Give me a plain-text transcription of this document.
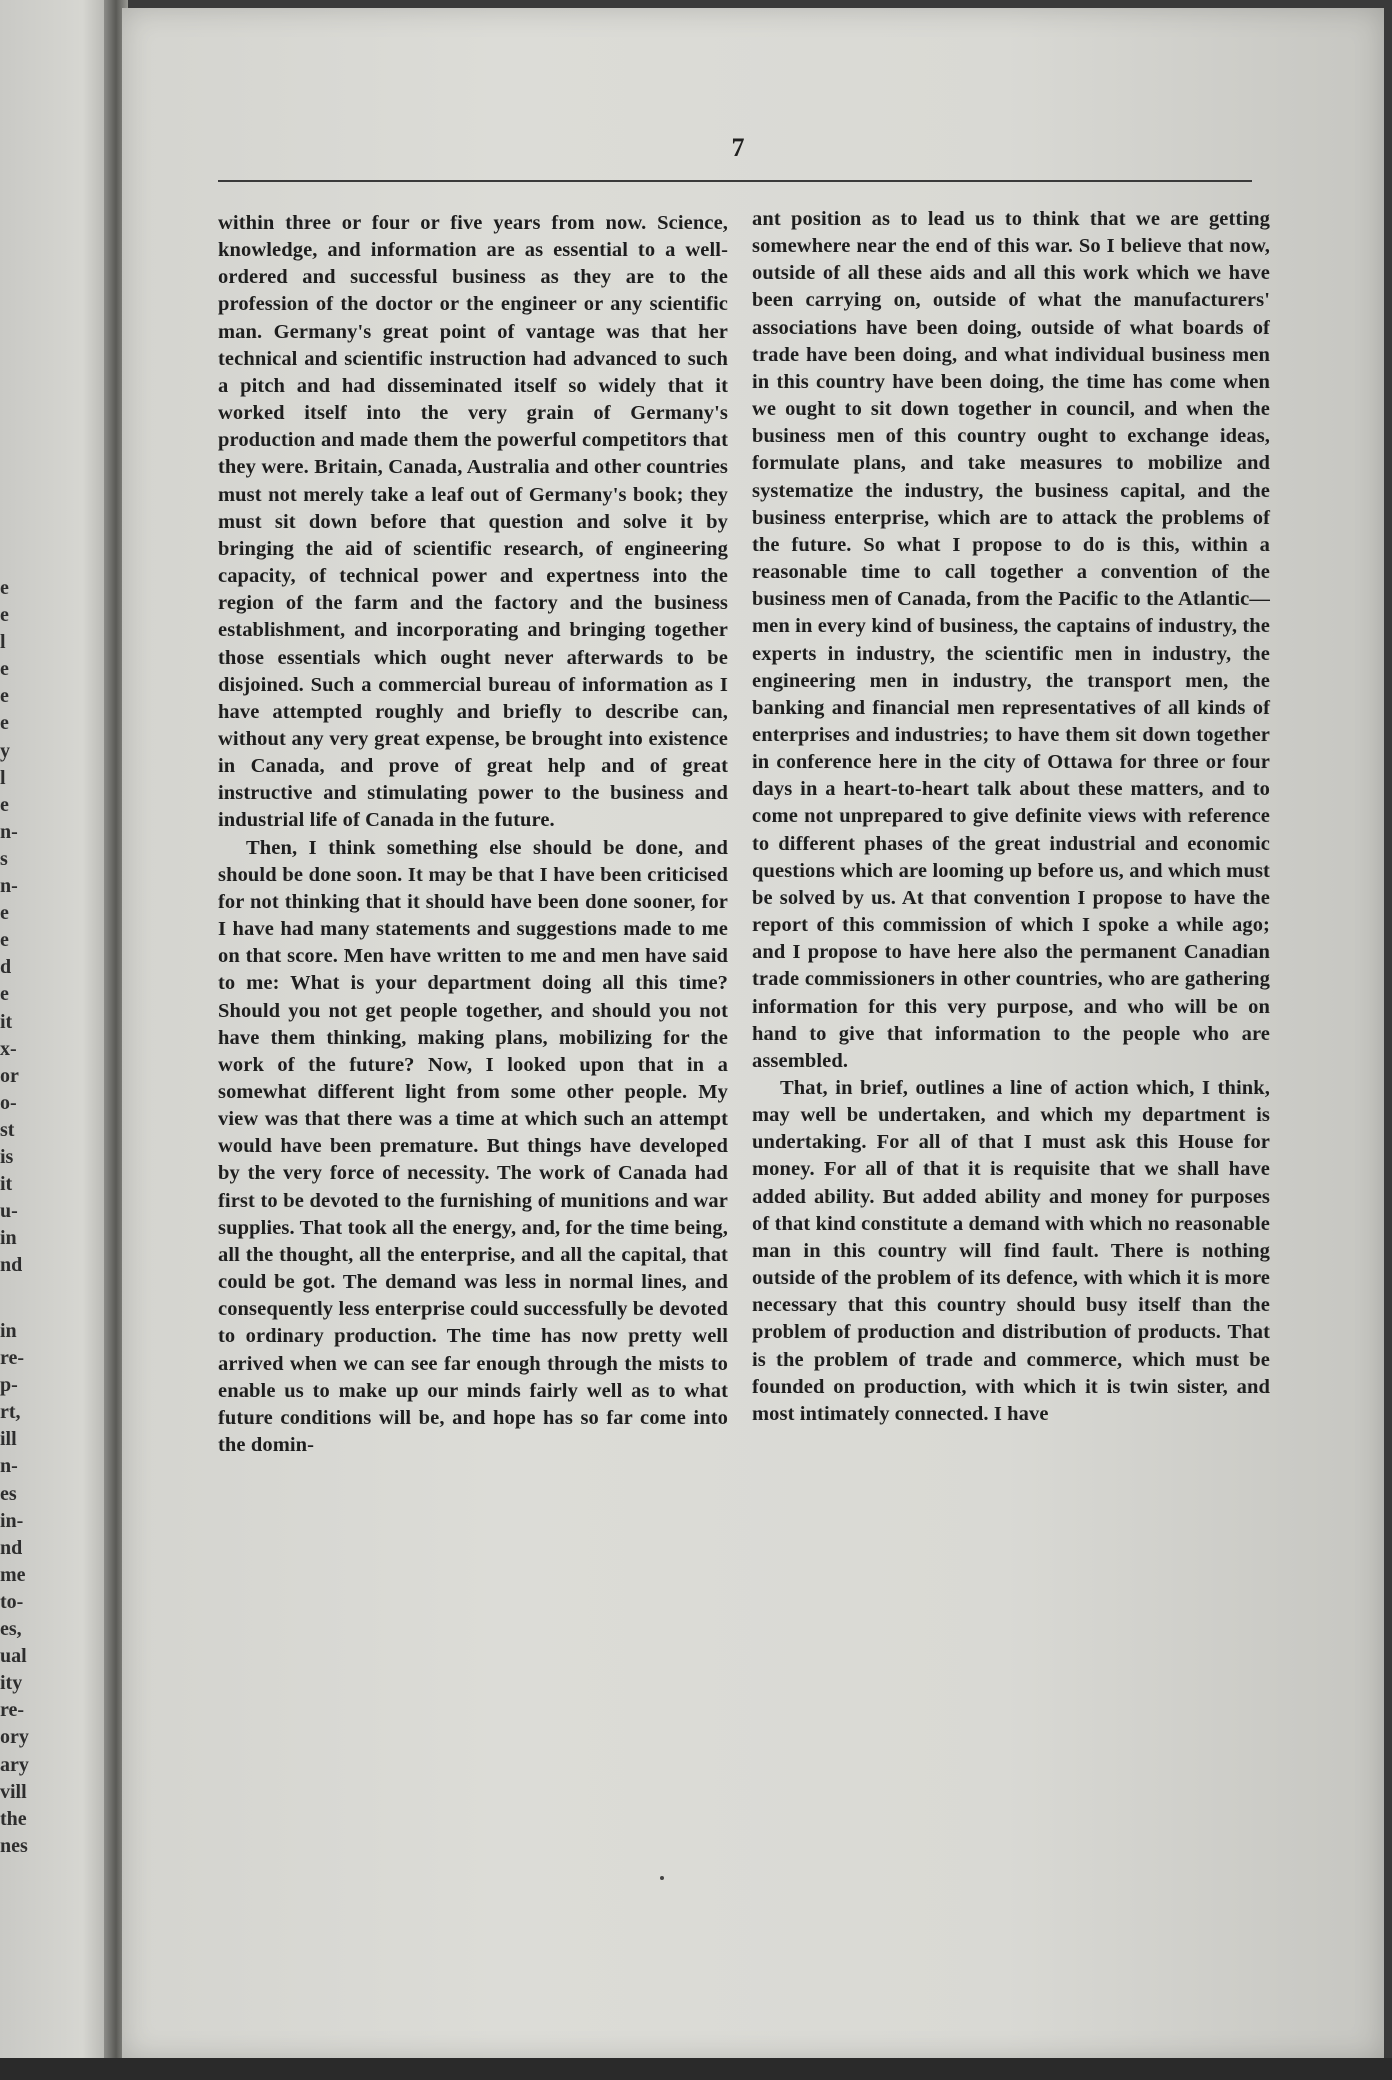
e
e
l
e
e
e
y
l
e
n-
s
n-
e
e
d
e
it
x-
or
o-
st
is
it
u-
in
nd
in
re-
p-
rt,
ill
n-
es
in-
nd
me
to-
es,
ual
ity
re-
ory
ary
vill
the
nes
7

within three or four or five years from now. Science, knowledge, and information are as essential to a well-ordered and successful business as they are to the profession of the doctor or the engineer or any scientific man. Germany's great point of vantage was that her technical and scientific instruction had advanced to such a pitch and had disseminated itself so widely that it worked itself into the very grain of Germany's production and made them the powerful competitors that they were. Britain, Canada, Australia and other countries must not merely take a leaf out of Germany's book; they must sit down before that question and solve it by bringing the aid of scientific research, of engineering capacity, of technical power and expertness into the region of the farm and the factory and the business establishment, and incorporating and bringing together those essentials which ought never afterwards to be disjoined. Such a commercial bureau of information as I have attempted roughly and briefly to describe can, without any very great expense, be brought into existence in Canada, and prove of great help and of great instructive and stimulating power to the business and industrial life of Canada in the future.

Then, I think something else should be done, and should be done soon. It may be that I have been criticised for not thinking that it should have been done sooner, for I have had many statements and suggestions made to me on that score. Men have written to me and men have said to me: What is your department doing all this time? Should you not get people together, and should you not have them thinking, making plans, mobilizing for the work of the future? Now, I looked upon that in a somewhat different light from some other people. My view was that there was a time at which such an attempt would have been premature. But things have developed by the very force of necessity. The work of Canada had first to be devoted to the furnishing of munitions and war supplies. That took all the energy, and, for the time being, all the thought, all the enterprise, and all the capital, that could be got. The demand was less in normal lines, and consequently less enterprise could successfully be devoted to ordinary production. The time has now pretty well arrived when we can see far enough through the mists to enable us to make up our minds fairly well as to what future conditions will be, and hope has so far come into the domin-

ant position as to lead us to think that we are getting somewhere near the end of this war. So I believe that now, outside of all these aids and all this work which we have been carrying on, outside of what the manufacturers' associations have been doing, outside of what boards of trade have been doing, and what individual business men in this country have been doing, the time has come when we ought to sit down together in council, and when the business men of this country ought to exchange ideas, formulate plans, and take measures to mobilize and systematize the industry, the business capital, and the business enterprise, which are to attack the problems of the future. So what I propose to do is this, within a reasonable time to call together a convention of the business men of Canada, from the Pacific to the Atlantic—men in every kind of business, the captains of industry, the experts in industry, the scientific men in industry, the engineering men in industry, the transport men, the banking and financial men representatives of all kinds of enterprises and industries; to have them sit down together in conference here in the city of Ottawa for three or four days in a heart-to-heart talk about these matters, and to come not unprepared to give definite views with reference to different phases of the great industrial and economic questions which are looming up before us, and which must be solved by us. At that convention I propose to have the report of this commission of which I spoke a while ago; and I propose to have here also the permanent Canadian trade commissioners in other countries, who are gathering information for this very purpose, and who will be on hand to give that information to the people who are assembled.

That, in brief, outlines a line of action which, I think, may well be undertaken, and which my department is undertaking. For all of that I must ask this House for money. For all of that it is requisite that we shall have added ability. But added ability and money for purposes of that kind constitute a demand with which no reasonable man in this country will find fault. There is nothing outside of the problem of its defence, with which it is more necessary that this country should busy itself than the problem of production and distribution of products. That is the problem of trade and commerce, which must be founded on production, with which it is twin sister, and most intimately connected. I have
